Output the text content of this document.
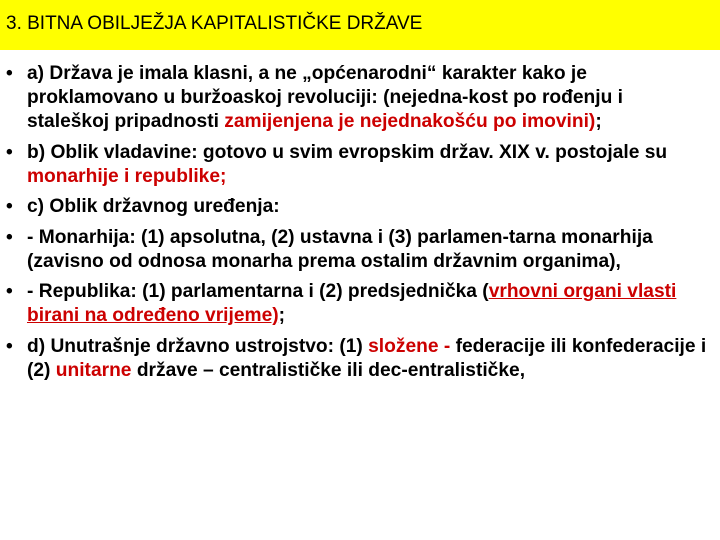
3. BITNA OBILJEŽJA KAPITALISTIČKE DRŽAVE
• a) Država je imala klasni, a ne „općenarodni“ karakter kako je proklamovano u buržoaskoj revoluciji: (nejedna-kost po rođenju i staleškoj pripadnosti zamijenjena je nejednakošću po imovini);
• b) Oblik vladavine: gotovo u svim evropskim držav. XIX v. postojale su monarhije i republike;
• c) Oblik državnog uređenja:
• - Monarhija: (1) apsolutna, (2) ustavna i (3) parlamen-tarna monarhija (zavisno od odnosa monarha prema ostalim državnim organima),
• - Republika: (1) parlamentarna i (2) predsjednička (vrhovni organi vlasti birani na određeno vrijeme);
• d) Unutrašnje državno ustrojstvo: (1) složene - federacije ili konfederacije i (2) unitarne države – centralističke ili dec-entralističke,
